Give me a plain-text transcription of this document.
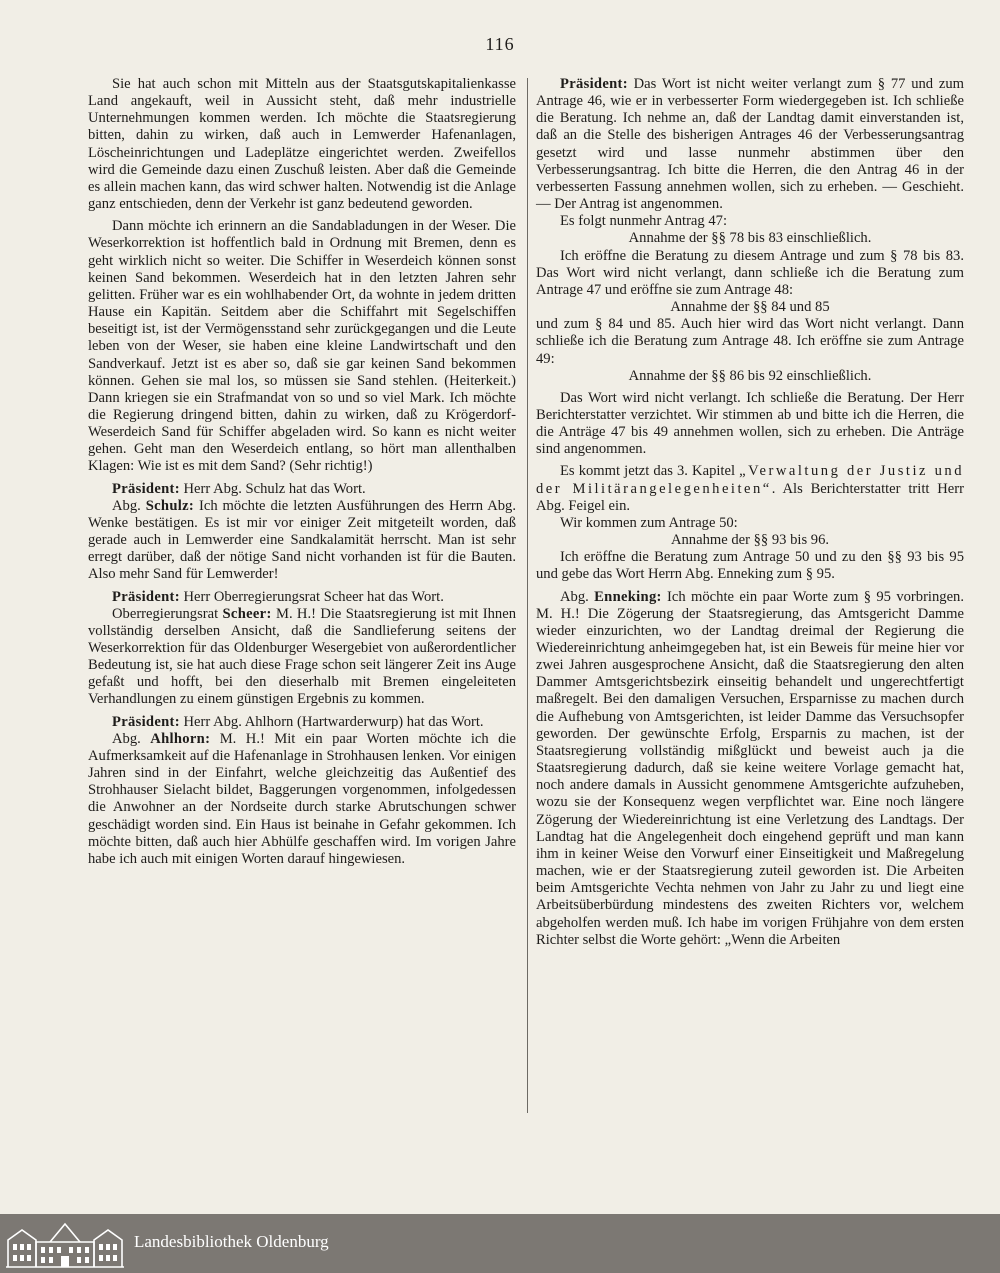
116

Sie hat auch schon mit Mitteln aus der Staatsgutskapitalienkasse Land angekauft, weil in Aussicht steht, daß mehr industrielle Unternehmungen kommen werden. Ich möchte die Staatsregierung bitten, dahin zu wirken, daß auch in Lemwerder Hafenanlagen, Löscheinrichtungen und Ladeplätze eingerichtet werden. Zweifellos wird die Gemeinde dazu einen Zuschuß leisten. Aber daß die Gemeinde es allein machen kann, das wird schwer halten. Notwendig ist die Anlage ganz entschieden, denn der Verkehr ist ganz bedeutend geworden.

Dann möchte ich erinnern an die Sandabladungen in der Weser. Die Weserkorrektion ist hoffentlich bald in Ordnung mit Bremen, denn es geht wirklich nicht so weiter. Die Schiffer in Weserdeich können sonst keinen Sand bekommen. Weserdeich hat in den letzten Jahren sehr gelitten. Früher war es ein wohlhabender Ort, da wohnte in jedem dritten Hause ein Kapitän. Seitdem aber die Schiffahrt mit Segelschiffen beseitigt ist, ist der Vermögensstand sehr zurückgegangen und die Leute leben von der Weser, sie haben eine kleine Landwirtschaft und den Sandverkauf. Jetzt ist es aber so, daß sie gar keinen Sand bekommen können. Gehen sie mal los, so müssen sie Sand stehlen. (Heiterkeit.) Dann kriegen sie ein Strafmandat von so und so viel Mark. Ich möchte die Regierung dringend bitten, dahin zu wirken, daß zu Krögerdorf-Weserdeich Sand für Schiffer abgeladen wird. So kann es nicht weiter gehen. Geht man den Weserdeich entlang, so hört man allenthalben Klagen: Wie ist es mit dem Sand? (Sehr richtig!)

Präsident: Herr Abg. Schulz hat das Wort.

Abg. Schulz: Ich möchte die letzten Ausführungen des Herrn Abg. Wenke bestätigen. Es ist mir vor einiger Zeit mitgeteilt worden, daß gerade auch in Lemwerder eine Sandkalamität herrscht. Man ist sehr erregt darüber, daß der nötige Sand nicht vorhanden ist für die Bauten. Also mehr Sand für Lemwerder!

Präsident: Herr Oberregierungsrat Scheer hat das Wort.

Oberregierungsrat Scheer: M. H.! Die Staatsregierung ist mit Ihnen vollständig derselben Ansicht, daß die Sandlieferung seitens der Weserkorrektion für das Oldenburger Wesergebiet von außerordentlicher Bedeutung ist, sie hat auch diese Frage schon seit längerer Zeit ins Auge gefaßt und hofft, bei den dieserhalb mit Bremen eingeleiteten Verhandlungen zu einem günstigen Ergebnis zu kommen.

Präsident: Herr Abg. Ahlhorn (Hartwarderwurp) hat das Wort.

Abg. Ahlhorn: M. H.! Mit ein paar Worten möchte ich die Aufmerksamkeit auf die Hafenanlage in Strohhausen lenken. Vor einigen Jahren sind in der Einfahrt, welche gleichzeitig das Außentief des Strohhauser Sielacht bildet, Baggerungen vorgenommen, infolgedessen die Anwohner an der Nordseite durch starke Abrutschungen schwer geschädigt worden sind. Ein Haus ist beinahe in Gefahr gekommen. Ich möchte bitten, daß auch hier Abhülfe geschaffen wird. Im vorigen Jahre habe ich auch mit einigen Worten darauf hingewiesen.

Präsident: Das Wort ist nicht weiter verlangt zum § 77 und zum Antrage 46, wie er in verbesserter Form wiedergegeben ist. Ich schließe die Beratung. Ich nehme an, daß der Landtag damit einverstanden ist, daß an die Stelle des bisherigen Antrages 46 der Verbesserungsantrag gesetzt wird und lasse nunmehr abstimmen über den Verbesserungsantrag. Ich bitte die Herren, die den Antrag 46 in der verbesserten Fassung annehmen wollen, sich zu erheben. — Geschieht. — Der Antrag ist angenommen.

Es folgt nunmehr Antrag 47:

Annahme der §§ 78 bis 83 einschließlich.

Ich eröffne die Beratung zu diesem Antrage und zum § 78 bis 83. Das Wort wird nicht verlangt, dann schließe ich die Beratung zum Antrage 47 und eröffne sie zum Antrage 48:

Annahme der §§ 84 und 85

und zum § 84 und 85. Auch hier wird das Wort nicht verlangt. Dann schließe ich die Beratung zum Antrage 48. Ich eröffne sie zum Antrage 49:

Annahme der §§ 86 bis 92 einschließlich.

Das Wort wird nicht verlangt. Ich schließe die Beratung. Der Herr Berichterstatter verzichtet. Wir stimmen ab und bitte ich die Herren, die die Anträge 47 bis 49 annehmen wollen, sich zu erheben. Die Anträge sind angenommen.

Es kommt jetzt das 3. Kapitel „Verwaltung der Justiz und der Militärangelegenheiten“. Als Berichterstatter tritt Herr Abg. Feigel ein.

Wir kommen zum Antrage 50:

Annahme der §§ 93 bis 96.

Ich eröffne die Beratung zum Antrage 50 und zu den §§ 93 bis 95 und gebe das Wort Herrn Abg. Enneking zum § 95.

Abg. Enneking: Ich möchte ein paar Worte zum § 95 vorbringen. M. H.! Die Zögerung der Staatsregierung, das Amtsgericht Damme wieder einzurichten, wo der Landtag dreimal der Regierung die Wiedereinrichtung anheimgegeben hat, ist ein Beweis für meine hier vor zwei Jahren ausgesprochene Ansicht, daß die Staatsregierung den alten Dammer Amtsgerichtsbezirk einseitig behandelt und ungerechtfertigt maßregelt. Bei den damaligen Versuchen, Ersparnisse zu machen durch die Aufhebung von Amtsgerichten, ist leider Damme das Versuchsopfer geworden. Der gewünschte Erfolg, Ersparnis zu machen, ist der Staatsregierung vollständig mißglückt und beweist auch ja die Staatsregierung dadurch, daß sie keine weitere Vorlage gemacht hat, noch andere damals in Aussicht genommene Amtsgerichte aufzuheben, wozu sie der Konsequenz wegen verpflichtet war. Eine noch längere Zögerung der Wiedereinrichtung ist eine Verletzung des Landtags. Der Landtag hat die Angelegenheit doch eingehend geprüft und man kann ihm in keiner Weise den Vorwurf einer Einseitigkeit und Maßregelung machen, wie er der Staatsregierung zuteil geworden ist. Die Arbeiten beim Amtsgerichte Vechta nehmen von Jahr zu Jahr zu und liegt eine Arbeitsüberbürdung mindestens des zweiten Richters vor, welchem abgeholfen werden muß. Ich habe im vorigen Frühjahre von dem ersten Richter selbst die Worte gehört: „Wenn die Arbeiten

Landesbibliothek Oldenburg
